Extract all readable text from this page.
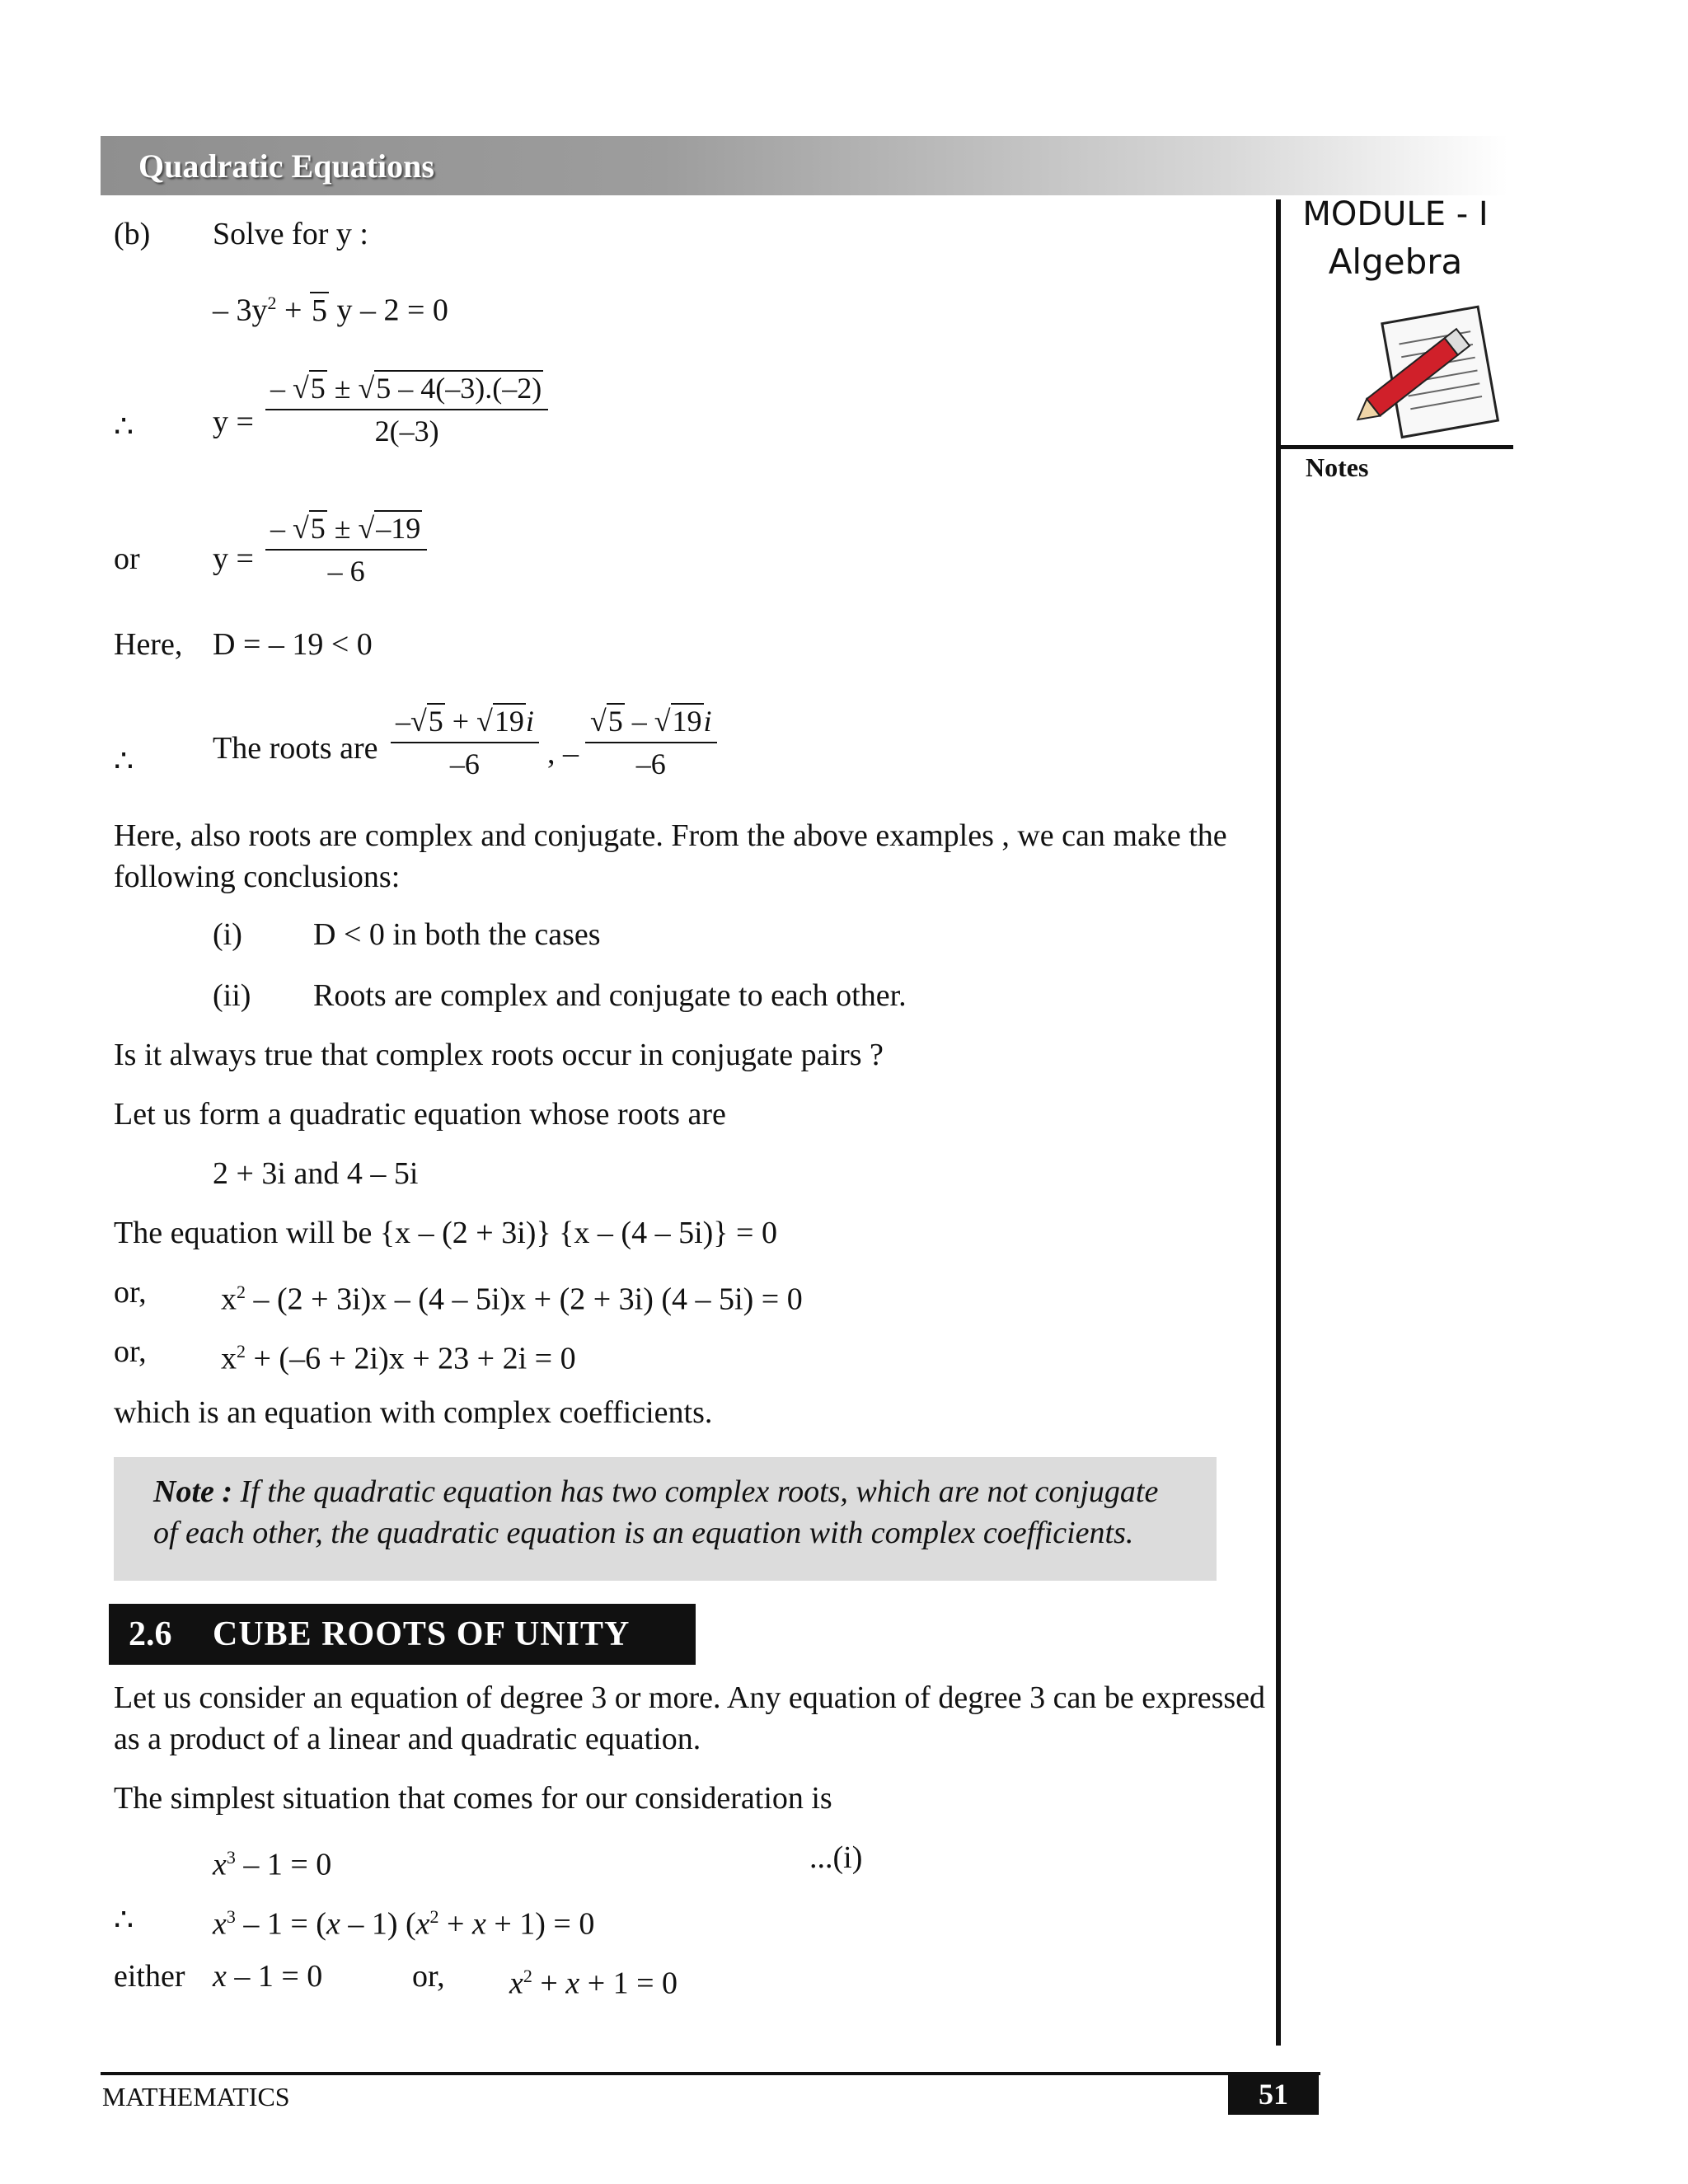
Quadratic Equations
MODULE - I
Algebra
Notes
(b) Solve for y :
– $3y^2 + 5$ y – 2 = 0
∴	$y = \frac{- √5 \pm √5 - 4(-3).(-2)}{2(-3)}$
or $y = \frac{- √5 \pm √-19}{- 6}$
Here, D = – 19 < 0
∴	The roots are $\frac{-√5 + √19i}{-6}$ , – $\frac{√5 - √19i}{-6}$
Here, also roots are complex and conjugate. From the above examples , we can make the
following conclusions:
(i) D < 0 in both the cases
(ii) Roots are complex and conjugate to each other.
Is it always true that complex roots occur in conjugate pairs ?
Let us form a quadratic equation whose roots are
2 + 3i and 4 – 5i
The equation will be {x – (2 + 3i)} {x – (4 – 5i)} = 0
or, $x^2 - (2 + 3i)x - (4 - 5i)x + (2 + 3i)$ (4 – 5i) = 0
or, $x^2 + (-6 + 2i)x + 23 + 2i = 0$
which is an equation with complex coefficients.
Note : If the quadratic equation has two complex roots, which are not conjugate
of each other, the quadratic equation is an equation with complex coefficients.
2.6 CUBE ROOTS OF UNITY
Let us consider an equation of degree 3 or more. Any equation of degree 3 can be expressed
as a product of a linear and quadratic equation.
The simplest situation that comes for our consideration is
$x^3 - 1 = 0$	...(i)
∴	$x^3 - 1 = (x - 1) (x^2 + x + 1) = 0$
either x – 1 = 0	or, $x^2 + x + 1 = 0$
MATHEMATICS	51
